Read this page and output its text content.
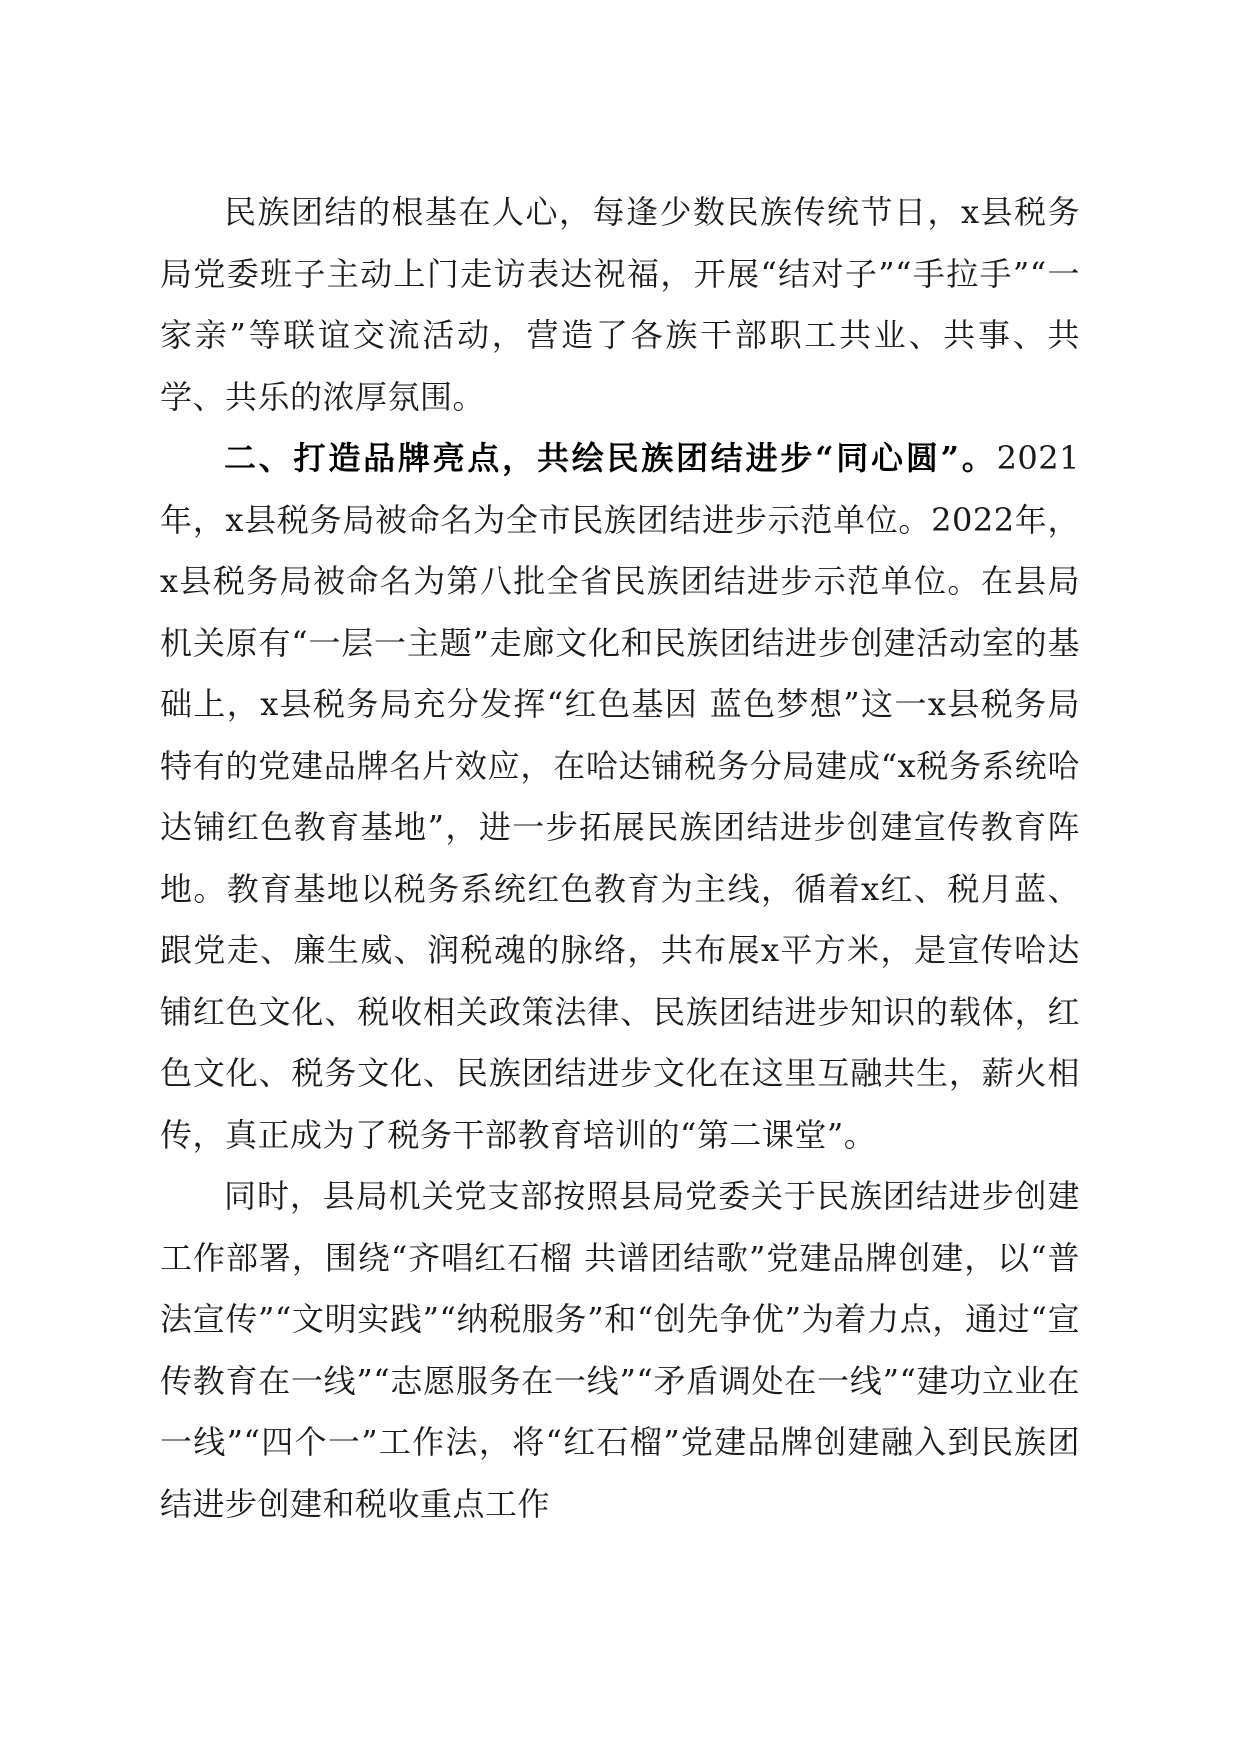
民族团结的根基在人心，每逢少数民族传统节日，x县税务局党委班子主动上门走访表达祝福，开展“结对子”“手拉手”“一家亲”等联谊交流活动，营造了各族干部职工共业、共事、共学、共乐的浓厚氛围。

二、打造品牌亮点，共绘民族团结进步“同心圆”。2021年，x县税务局被命名为全市民族团结进步示范单位。2022年，x县税务局被命名为第八批全省民族团结进步示范单位。在县局机关原有“一层一主题”走廊文化和民族团结进步创建活动室的基础上，x县税务局充分发挥“红色基因 蓝色梦想”这一x县税务局特有的党建品牌名片效应，在哈达铺税务分局建成“x税务系统哈达铺红色教育基地”，进一步拓展民族团结进步创建宣传教育阵地。教育基地以税务系统红色教育为主线，循着x红、税月蓝、跟党走、廉生威、润税魂的脉络，共布展x平方米，是宣传哈达铺红色文化、税收相关政策法律、民族团结进步知识的载体，红色文化、税务文化、民族团结进步文化在这里互融共生，薪火相传，真正成为了税务干部教育培训的“第二课堂”。

同时，县局机关党支部按照县局党委关于民族团结进步创建工作部署，围绕“齐唱红石榴 共谱团结歌”党建品牌创建，以“普法宣传”“文明实践”“纳税服务”和“创先争优”为着力点，通过“宣传教育在一线”“志愿服务在一线”“矛盾调处在一线”“建功立业在一线”“四个一”工作法，将“红石榴”党建品牌创建融入到民族团结进步创建和税收重点工作
